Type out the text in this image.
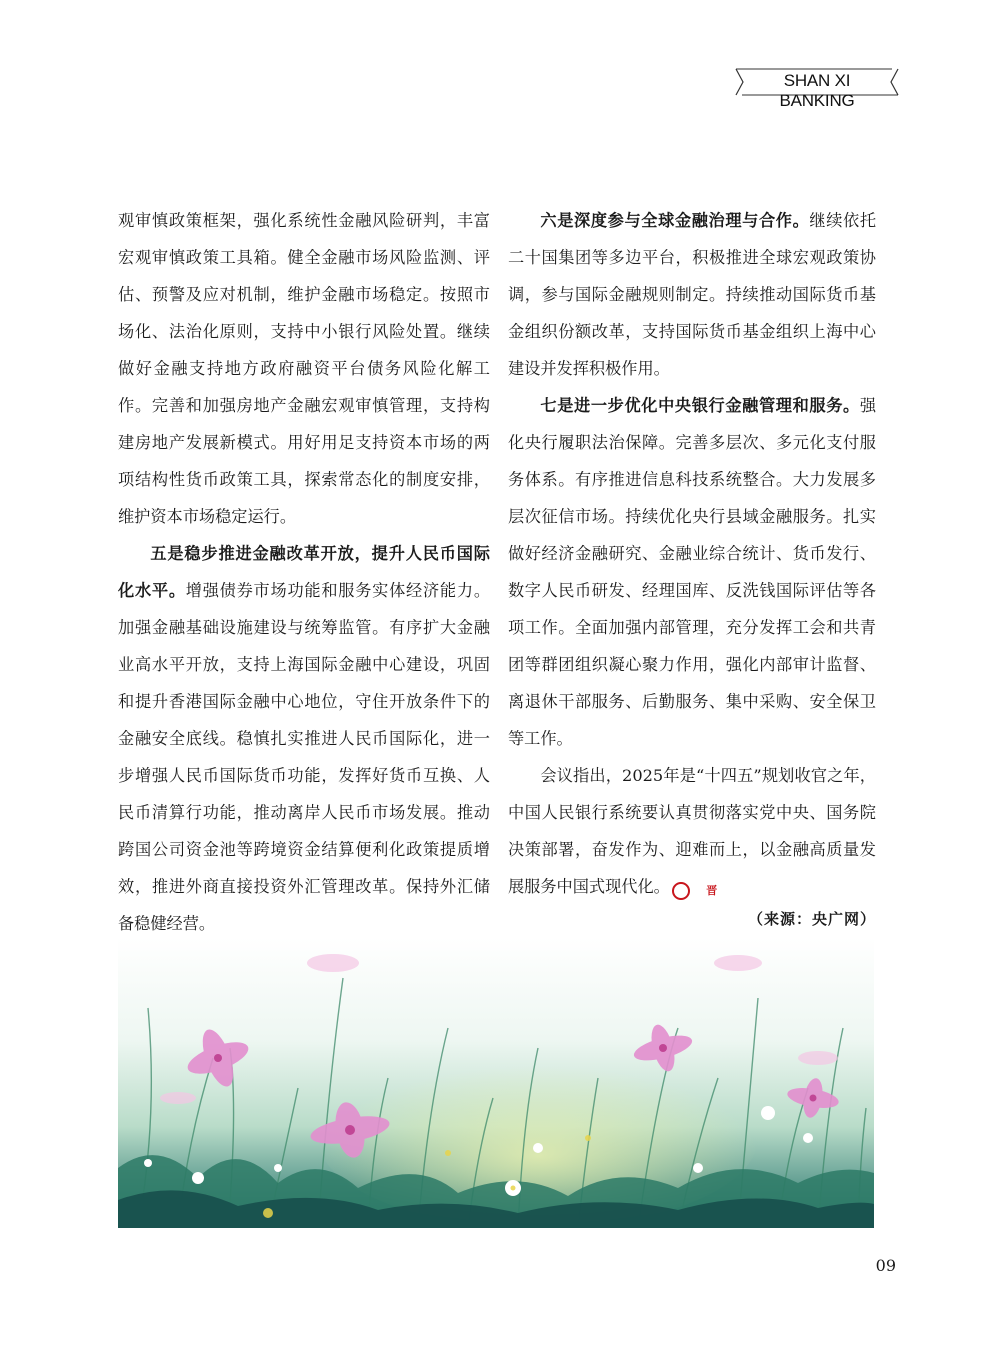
SHAN XI BANKING

观审慎政策框架，强化系统性金融风险研判，丰富宏观审慎政策工具箱。健全金融市场风险监测、评估、预警及应对机制，维护金融市场稳定。按照市场化、法治化原则，支持中小银行风险处置。继续做好金融支持地方政府融资平台债务风险化解工作。完善和加强房地产金融宏观审慎管理，支持构建房地产发展新模式。用好用足支持资本市场的两项结构性货币政策工具，探索常态化的制度安排，维护资本市场稳定运行。

五是稳步推进金融改革开放，提升人民币国际化水平。增强债券市场功能和服务实体经济能力。加强金融基础设施建设与统筹监管。有序扩大金融业高水平开放，支持上海国际金融中心建设，巩固和提升香港国际金融中心地位，守住开放条件下的金融安全底线。稳慎扎实推进人民币国际化，进一步增强人民币国际货币功能，发挥好货币互换、人民币清算行功能，推动离岸人民币市场发展。推动跨国公司资金池等跨境资金结算便利化政策提质增效，推进外商直接投资外汇管理改革。保持外汇储备稳健经营。

六是深度参与全球金融治理与合作。继续依托二十国集团等多边平台，积极推进全球宏观政策协调，参与国际金融规则制定。持续推动国际货币基金组织份额改革，支持国际货币基金组织上海中心建设并发挥积极作用。

七是进一步优化中央银行金融管理和服务。强化央行履职法治保障。完善多层次、多元化支付服务体系。有序推进信息科技系统整合。大力发展多层次征信市场。持续优化央行县域金融服务。扎实做好经济金融研究、金融业综合统计、货币发行、数字人民币研发、经理国库、反洗钱国际评估等各项工作。全面加强内部管理，充分发挥工会和共青团等群团组织凝心聚力作用，强化内部审计监督、离退休干部服务、后勤服务、集中采购、安全保卫等工作。

会议指出，2025年是“十四五”规划收官之年，中国人民银行系统要认真贯彻落实党中央、国务院决策部署，奋发作为、迎难而上，以金融高质量发展服务中国式现代化。	晋

（来源：央广网）
09
